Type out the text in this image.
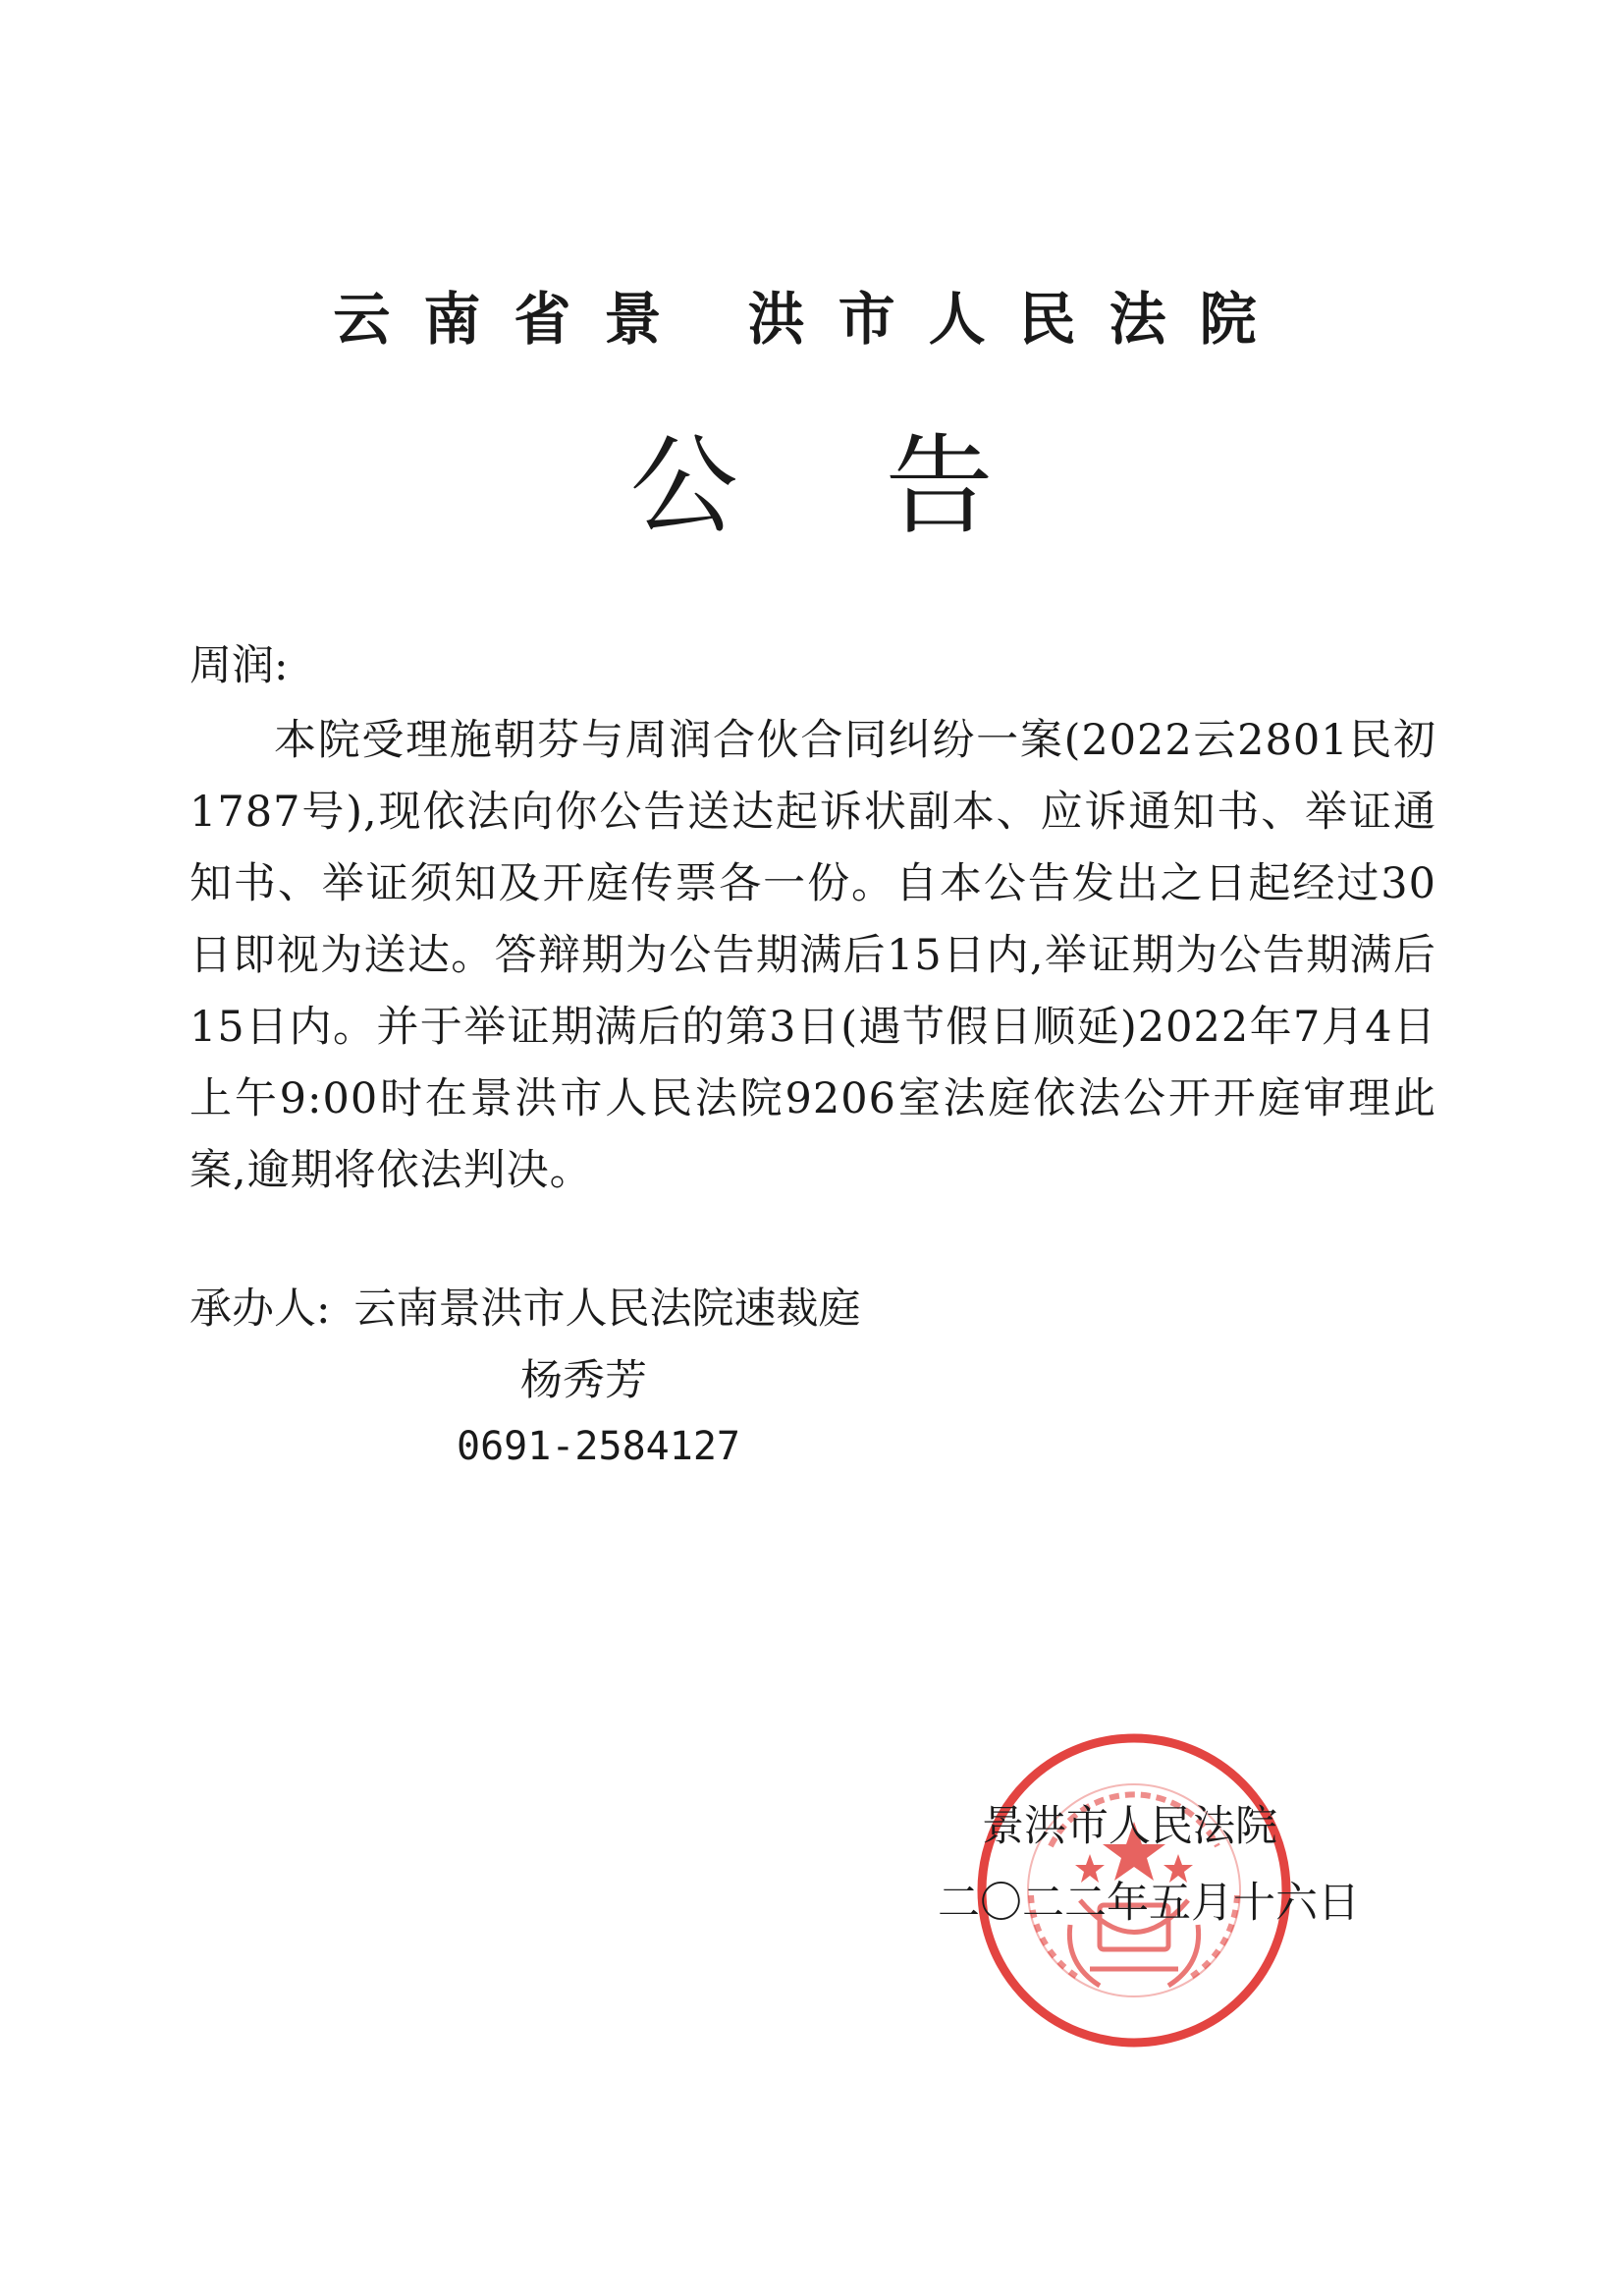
云南省景 洪市人民法院
公告
周润:
本院受理施朝芬与周润合伙合同纠纷一案(2022云2801民初1787号),现依法向你公告送达起诉状副本、应诉通知书、举证通知书、举证须知及开庭传票各一份。自本公告发出之日起经过30日即视为送达。答辩期为公告期满后15日内,举证期为公告期满后15日内。并于举证期满后的第3日(遇节假日顺延)2022年7月4日上午9:00时在景洪市人民法院9206室法庭依法公开开庭审理此案,逾期将依法判决。
承办人: 云南景洪市人民法院速裁庭
杨秀芳
0691-2584127
景洪市人民法院
二〇二二年五月十六日
